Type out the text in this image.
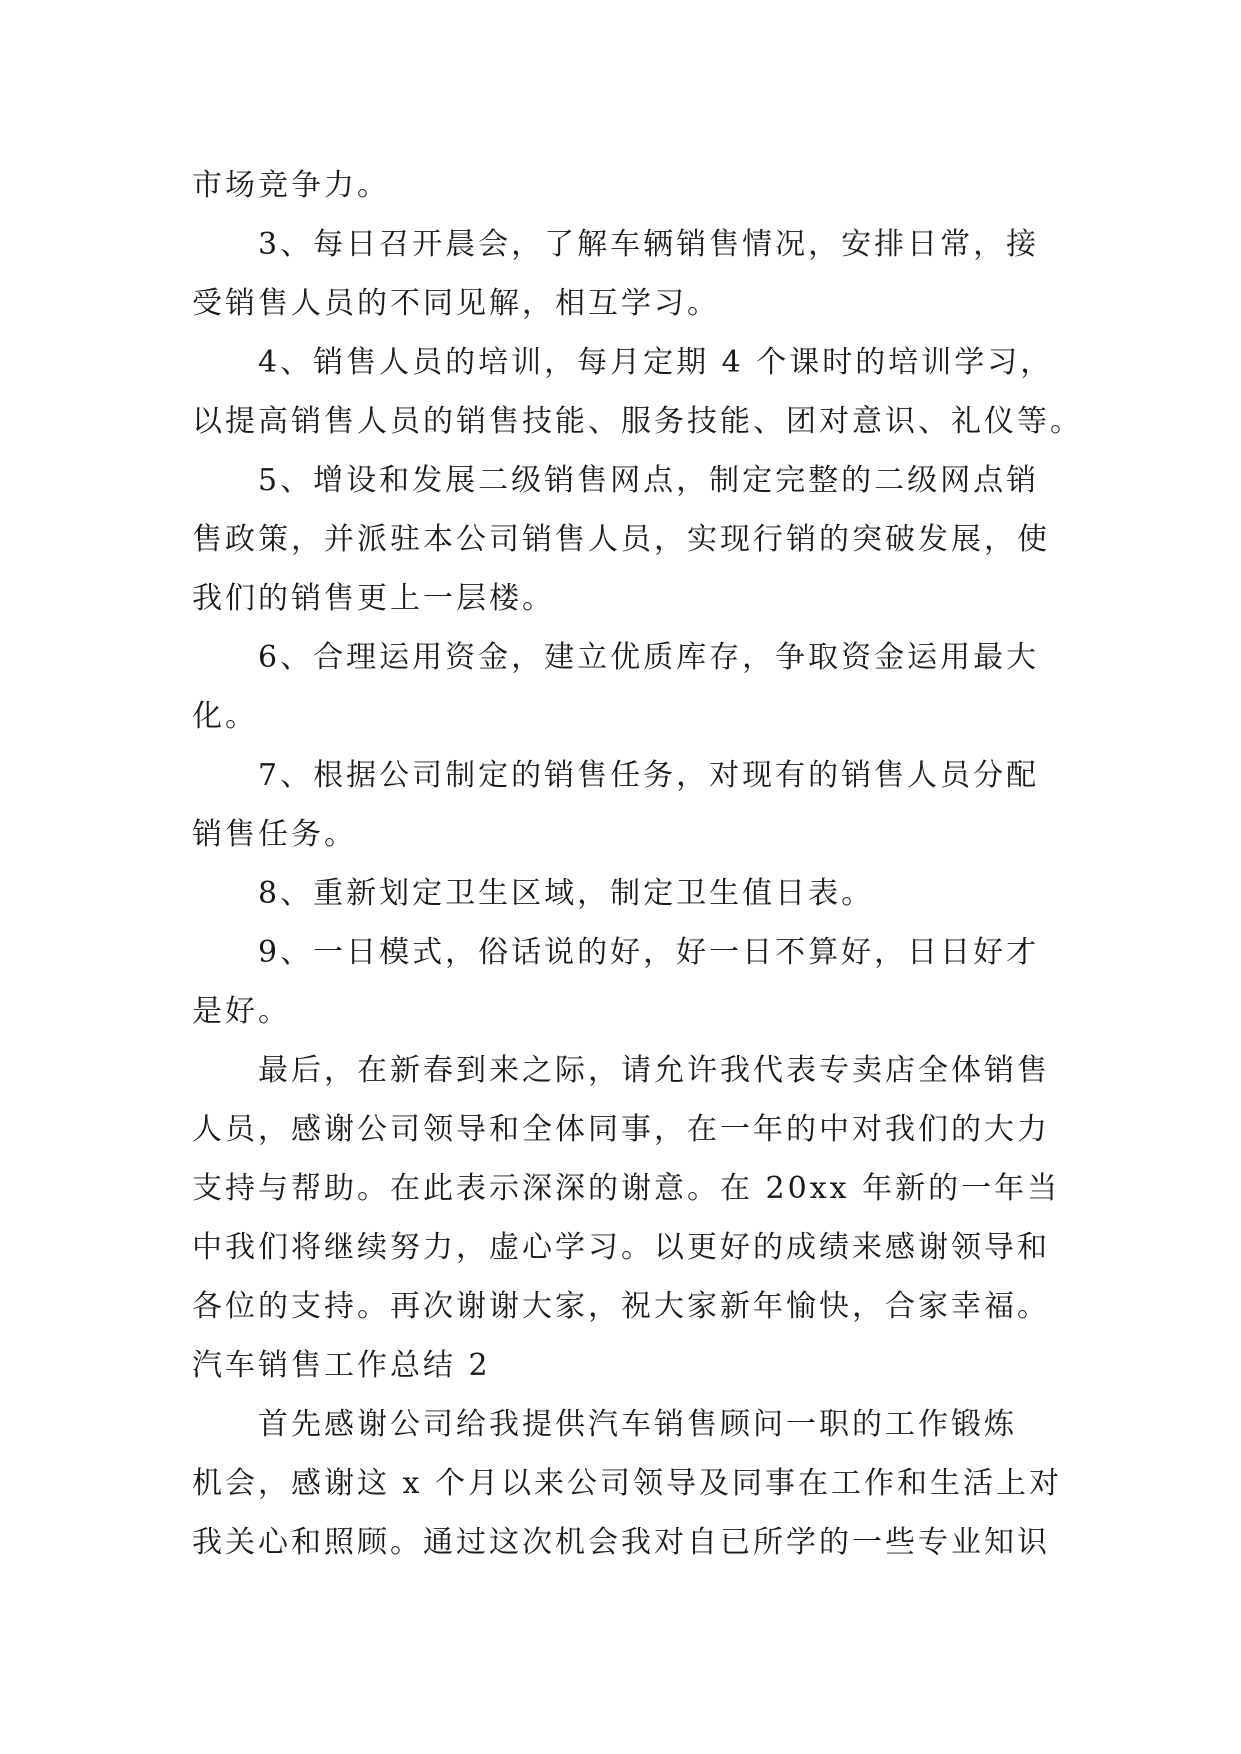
市场竞争力。
3、每日召开晨会，了解车辆销售情况，安排日常，接
受销售人员的不同见解，相互学习。
4、销售人员的培训，每月定期 4 个课时的培训学习，
以提高销售人员的销售技能、服务技能、团对意识、礼仪等。
5、增设和发展二级销售网点，制定完整的二级网点销
售政策，并派驻本公司销售人员，实现行销的突破发展，使
我们的销售更上一层楼。
6、合理运用资金，建立优质库存，争取资金运用最大
化。
7、根据公司制定的销售任务，对现有的销售人员分配
销售任务。
8、重新划定卫生区域，制定卫生值日表。
9、一日模式，俗话说的好，好一日不算好，日日好才
是好。
最后，在新春到来之际，请允许我代表专卖店全体销售
人员，感谢公司领导和全体同事，在一年的中对我们的大力
支持与帮助。在此表示深深的谢意。在 20xx 年新的一年当
中我们将继续努力，虚心学习。以更好的成绩来感谢领导和
各位的支持。再次谢谢大家，祝大家新年愉快，合家幸福。
汽车销售工作总结 2
首先感谢公司给我提供汽车销售顾问一职的工作锻炼
机会，感谢这 x 个月以来公司领导及同事在工作和生活上对
我关心和照顾。通过这次机会我对自已所学的一些专业知识
